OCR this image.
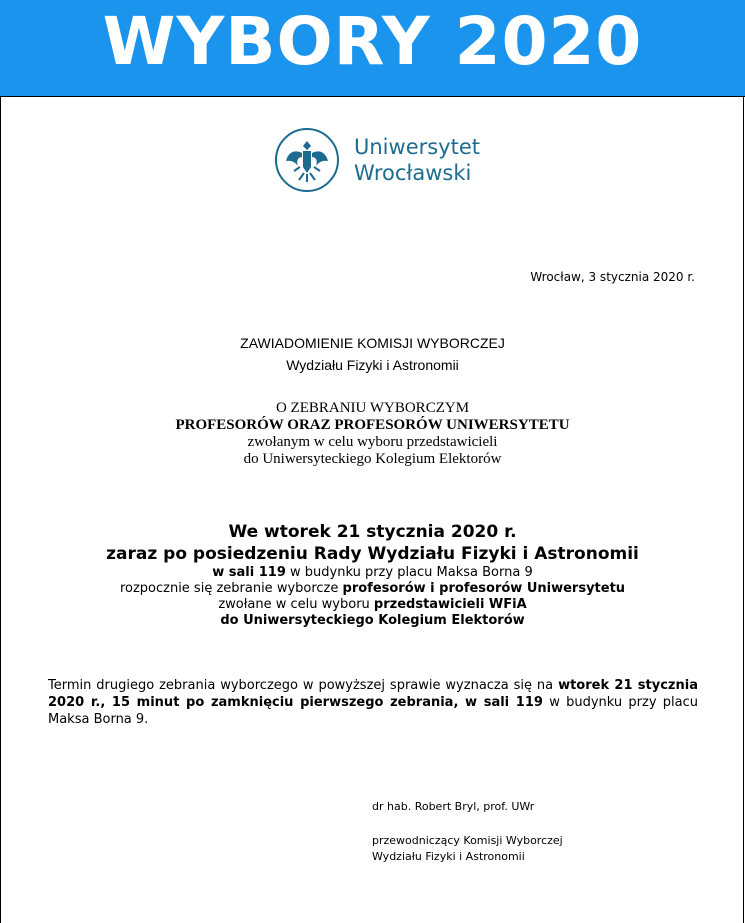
WYBORY 2020
Uniwersytet
Wrocławski
Wrocław, 3 stycznia 2020 r.
ZAWIADOMIENIE KOMISJI WYBORCZEJ
Wydziału Fizyki i Astronomii
O ZEBRANIU WYBORCZYM
PROFESORÓW ORAZ PROFESORÓW UNIWERSYTETU
zwołanym w celu wyboru przedstawicieli
do Uniwersyteckiego Kolegium Elektorów
We wtorek 21 stycznia 2020 r.
zaraz po posiedzeniu Rady Wydziału Fizyki i Astronomii
w sali 119 w budynku przy placu Maksa Borna 9
rozpocznie się zebranie wyborcze profesorów i profesorów Uniwersytetu
zwołane w celu wyboru przedstawicieli WFiA
do Uniwersyteckiego Kolegium Elektorów
Termin drugiego zebrania wyborczego w powyższej sprawie wyznacza się na wtorek 21 stycznia 2020 r., 15 minut po zamknięciu pierwszego zebrania, w sali 119 w budynku przy placu Maksa Borna 9.
dr hab. Robert Bryl, prof. UWr
przewodniczący Komisji Wyborczej
Wydziału Fizyki i Astronomii
